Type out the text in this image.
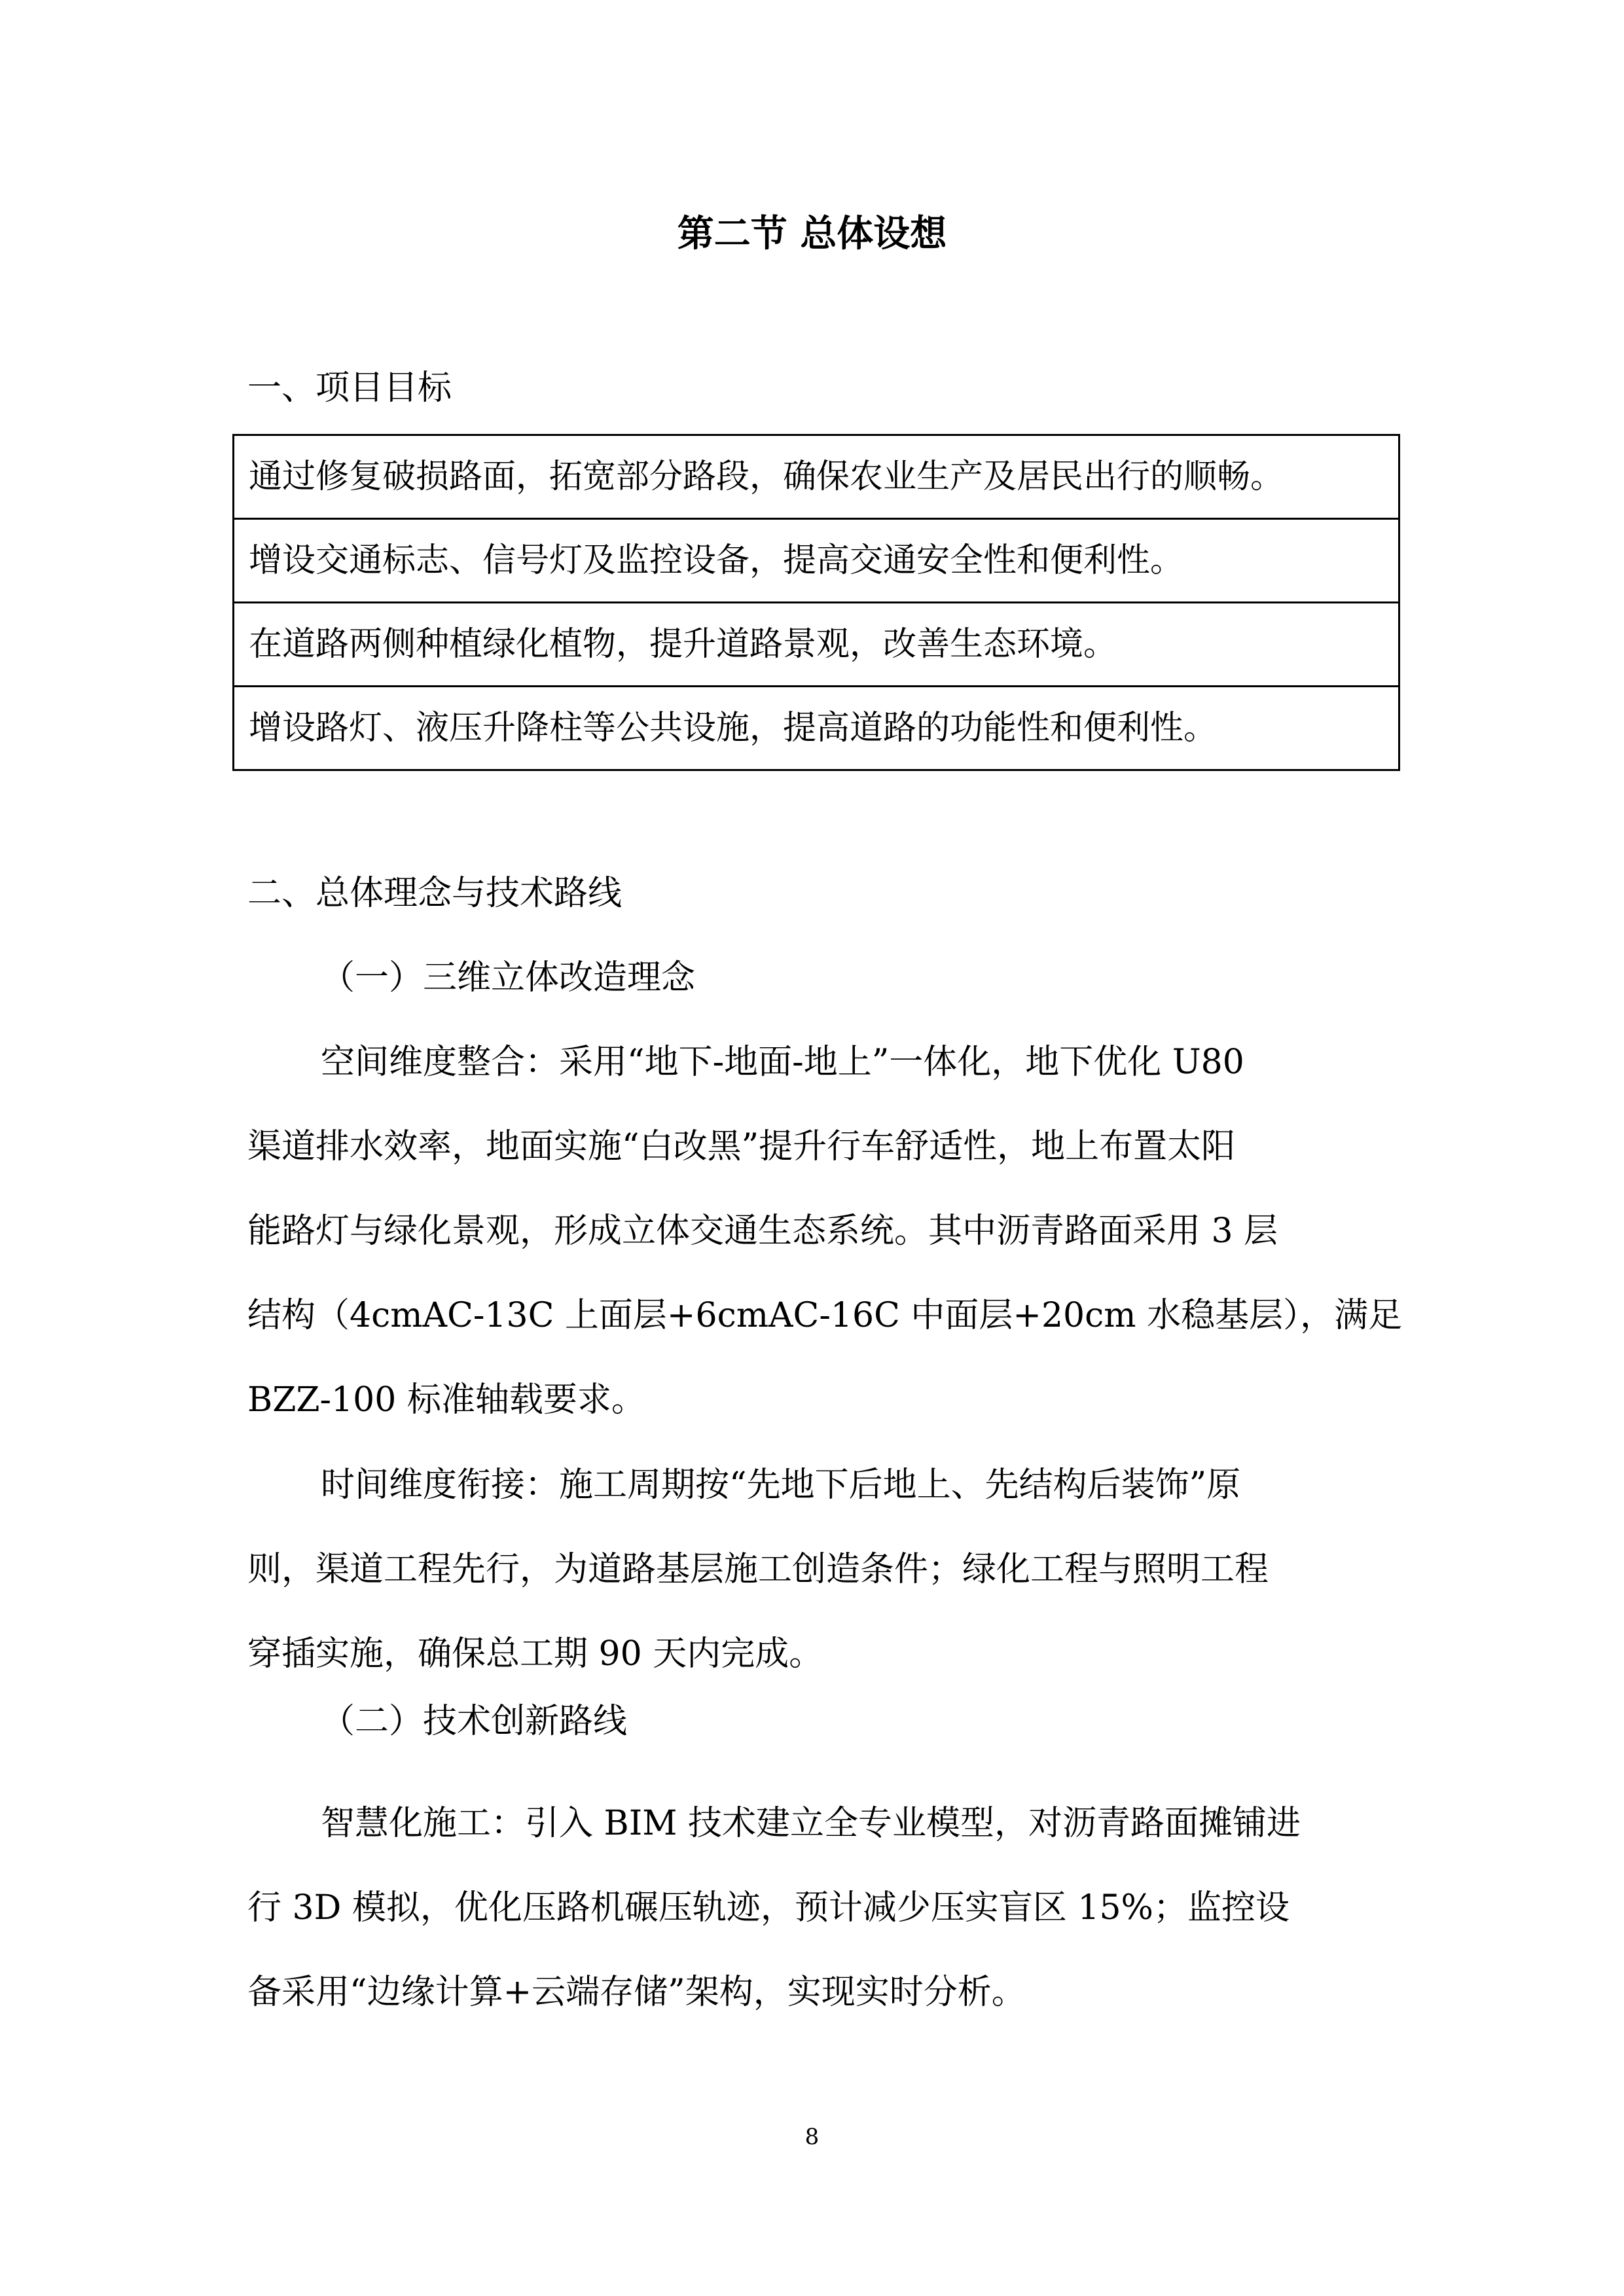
第二节 总体设想
一、项目目标
通过修复破损路面，拓宽部分路段，确保农业生产及居民出行的顺畅。
增设交通标志、信号灯及监控设备，提高交通安全性和便利性。
在道路两侧种植绿化植物，提升道路景观，改善生态环境。
增设路灯、液压升降柱等公共设施，提高道路的功能性和便利性。
二、总体理念与技术路线
（一）三维立体改造理念
空间维度整合：采用“地下-地面-地上”一体化，地下优化 U80
渠道排水效率，地面实施“白改黑”提升行车舒适性，地上布置太阳
能路灯与绿化景观，形成立体交通生态系统。其中沥青路面采用 3 层
结构（4cmAC-13C 上面层+6cmAC-16C 中面层+20cm 水稳基层），满足
BZZ-100 标准轴载要求。
时间维度衔接：施工周期按“先地下后地上、先结构后装饰”原
则，渠道工程先行，为道路基层施工创造条件；绿化工程与照明工程
穿插实施，确保总工期 90 天内完成。
（二）技术创新路线
智慧化施工：引入 BIM 技术建立全专业模型，对沥青路面摊铺进
行 3D 模拟，优化压路机碾压轨迹，预计减少压实盲区 15%；监控设
备采用“边缘计算+云端存储”架构，实现实时分析。
8
